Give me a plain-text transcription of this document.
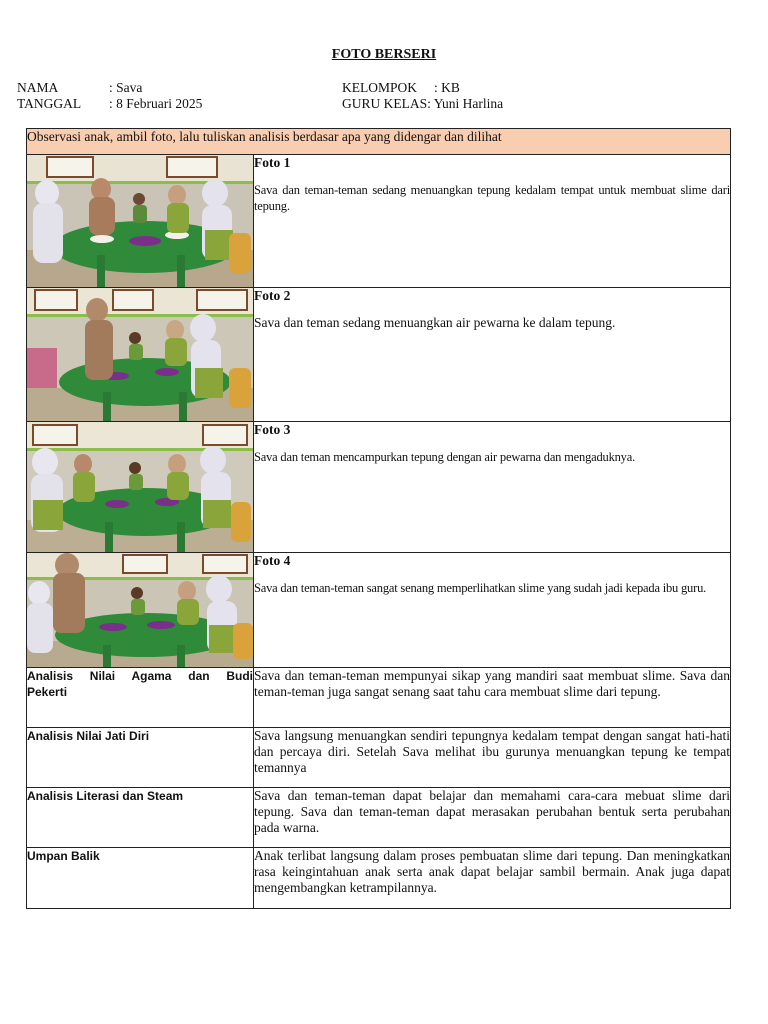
FOTO BERSERI
NAMA	: Sava
TANGGAL : 8 Februari 2025
KELOMPOK : KB
GURU KELAS: Yuni Harlina
Observasi anak, ambil foto, lalu tuliskan analisis berdasar apa yang didengar dan dilihat	

Foto 1
Sava dan teman-teman sedang menuangkan tepung kedalam tempat untuk membuat slime dari tepung.

Foto 2
Sava dan teman sedang menuangkan air pewarna ke dalam tepung.

Foto 3
Sava dan teman mencampurkan tepung dengan air pewarna dan mengaduknya.

Foto 4
Sava dan teman-teman sangat senang memperlihatkan slime yang sudah jadi kepada ibu guru.

Analisis Nilai Agama dan Budi
Pekerti	Sava dan teman-teman mempunyai sikap yang mandiri saat membuat slime. Sava dan teman-teman juga sangat senang saat tahu cara membuat slime dari tepung.

Analisis Nilai Jati Diri	Sava langsung menuangkan sendiri tepungnya kedalam tempat dengan sangat hati-hati dan percaya diri. Setelah Sava melihat ibu gurunya menuangkan tepung ke tempat temannya

Analisis Literasi dan Steam	Sava dan teman-teman dapat belajar dan memahami cara-cara mebuat slime dari tepung. Sava dan teman-teman dapat merasakan perubahan bentuk serta perubahan pada warna.

Umpan Balik	Anak terlibat langsung dalam proses pembuatan slime dari tepung. Dan meningkatkan rasa keingintahuan anak serta anak dapat belajar sambil bermain. Anak juga dapat mengembangkan ketrampilannya.
